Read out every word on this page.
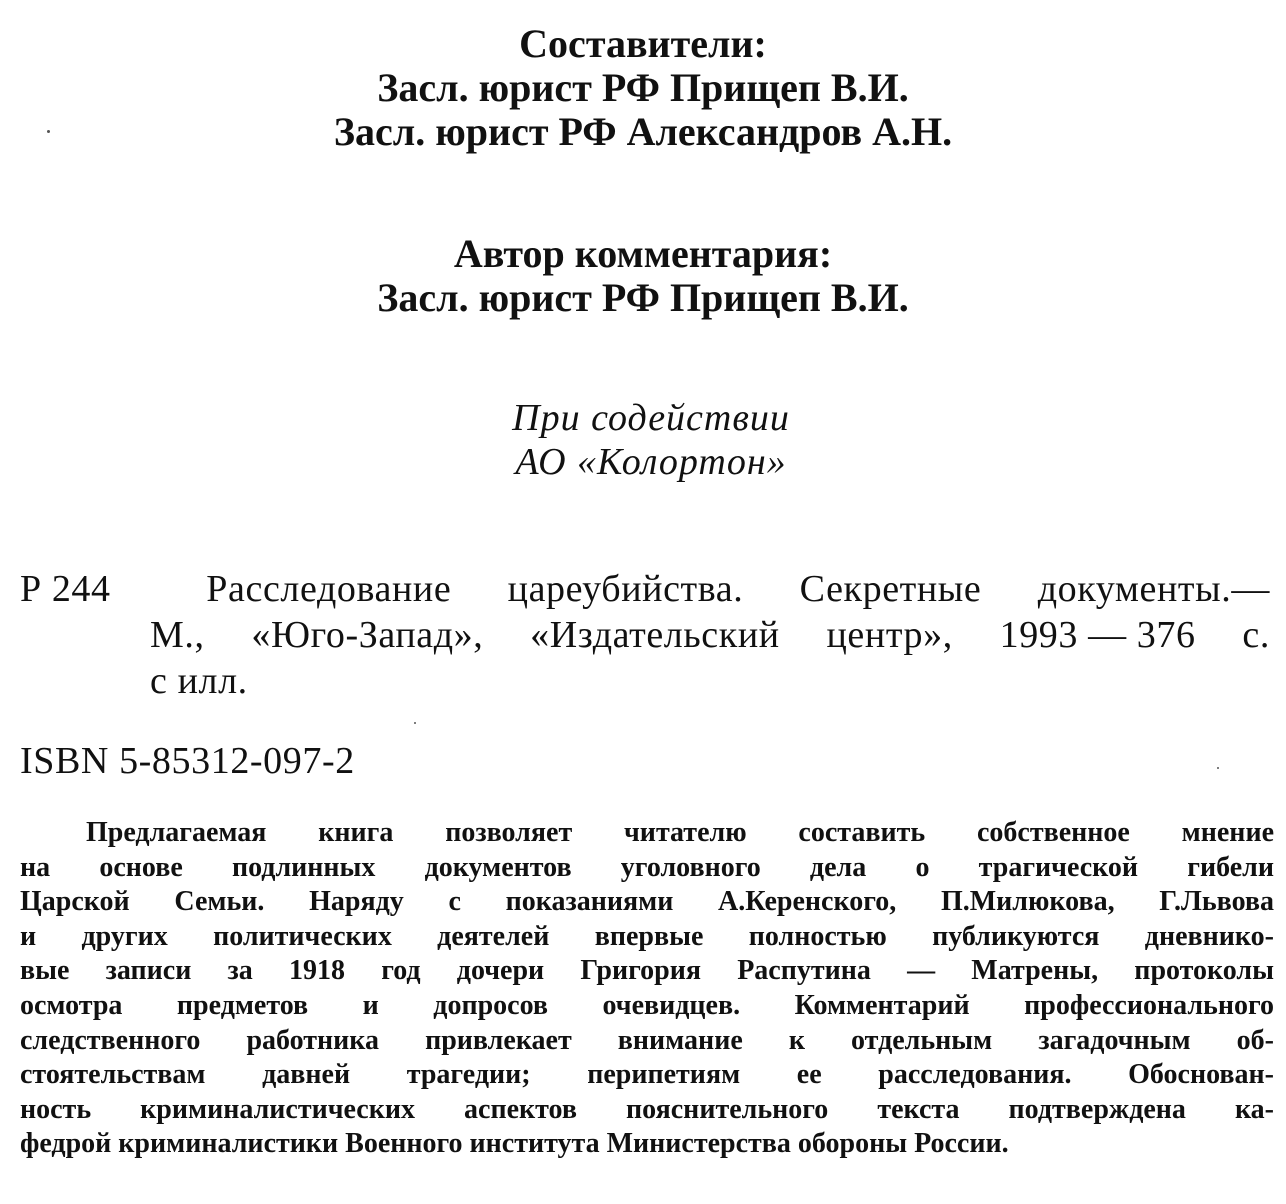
Составители:
Засл. юрист РФ Прищеп В.И.
Засл. юрист РФ Александров А.Н.
Автор комментария:
Засл. юрист РФ Прищеп В.И.
При содействии
АО «Колортон»
Р 244	Расследование цареубийства. Секретные документы.—
М., «Юго-Запад», «Издательский центр», 1993 — 376 с.
с илл.
ISBN 5-85312-097-2
Предлагаемая книга позволяет читателю составить собственное мнение
на основе подлинных документов уголовного дела о трагической гибели
Царской Семьи. Наряду с показаниями А.Керенского, П.Милюкова, Г.Львова
и других политических деятелей впервые полностью публикуются дневнико-
вые записи за 1918 год дочери Григория Распутина — Матрены, протоколы
осмотра предметов и допросов очевидцев. Комментарий профессионального
следственного работника привлекает внимание к отдельным загадочным об-
стоятельствам давней трагедии; перипетиям ее расследования. Обоснован-
ность криминалистических аспектов пояснительного текста подтверждена ка-
федрой криминалистики Военного института Министерства обороны России.
